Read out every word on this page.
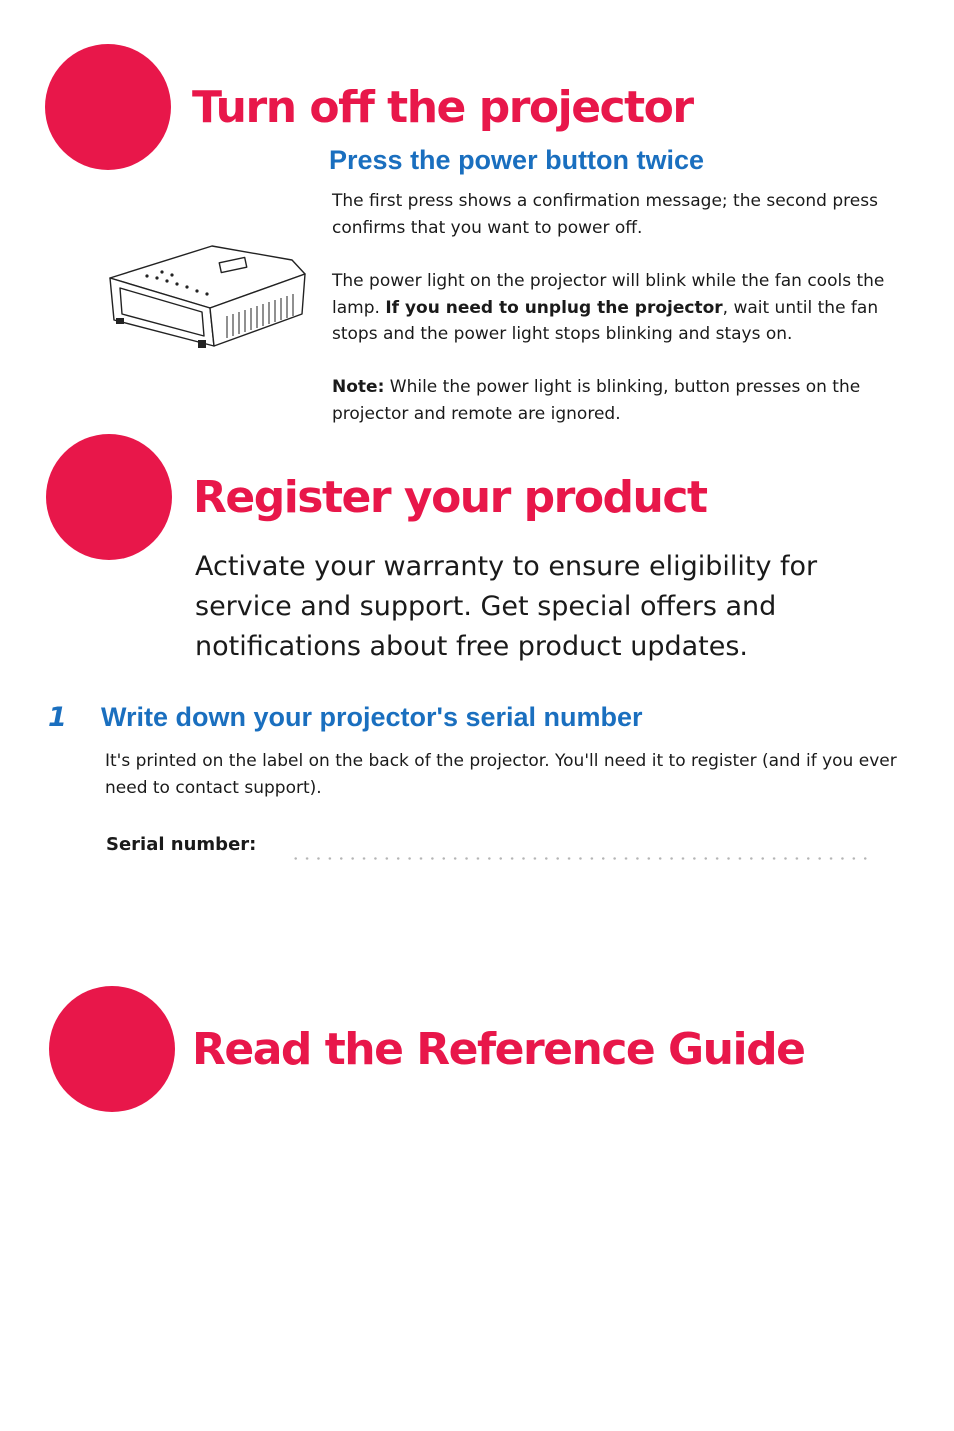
Turn off the projector
Press the power button twice

The first press shows a confirmation message; the second press confirms that you want to power off.

The power light on the projector will blink while the fan cools the lamp. If you need to unplug the projector, wait until the fan stops and the power light stops blinking and stays on.

Note: While the power light is blinking, button presses on the projector and remote are ignored.

Register your product

Activate your warranty to ensure eligibility for service and support. Get special offers and notifications about free product updates.

1 Write down your projector's serial number

It's printed on the label on the back of the projector. You'll need it to register (and if you ever need to contact support).

Serial number:

Read the Reference Guide
